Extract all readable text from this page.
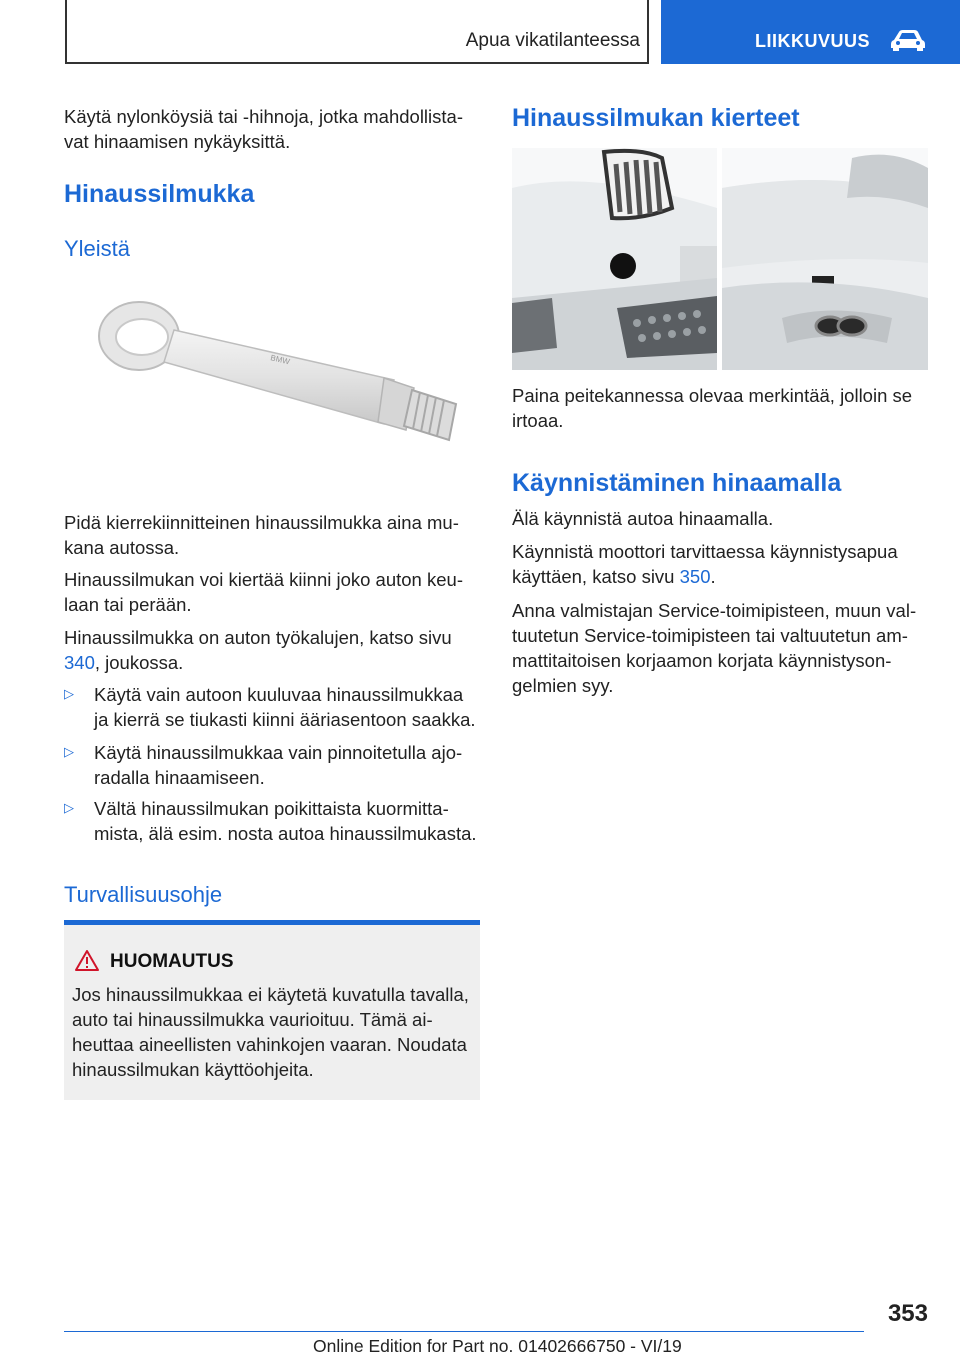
Apua vikatilanteessa	LIIKKUVUUS

Käytä nylonköysiä tai -hihnoja, jotka mahdollistavat hinaamisen nykäyksittä.

Hinaussilmukka
Yleistä
BMW

Pidä kierrekiinnitteinen hinaussilmukka aina mukana autossa.

Hinaussilmukan voi kiertää kiinni joko auton keulaan tai perään.

Hinaussilmukka on auton työkalujen, katso sivu 340, joukossa.

▷ Käytä vain autoon kuuluvaa hinaussilmukkaa ja kierrä se tiukasti kiinni ääriasentoon saakka.

▷ Käytä hinaussilmukkaa vain pinnoitetulla ajoradalla hinaamiseen.

▷ Vältä hinaussilmukan poikittaista kuormittamista, älä esim. nosta autoa hinaussilmukasta.

Turvallisuusohje
HUOMAUTUS

Jos hinaussilmukkaa ei käytetä kuvatulla tavalla, auto tai hinaussilmukka vaurioituu. Tämä aiheuttaa aineellisten vahinkojen vaaran. Noudata hinaussilmukan käyttöohjeita.

Hinaussilmukan kierteet

Paina peitekannessa olevaa merkintää, jolloin se irtoaa.

Käynnistäminen hinaamalla

Älä käynnistä autoa hinaamalla.

Käynnistä moottori tarvittaessa käynnistysapua käyttäen, katso sivu 350.

Anna valmistajan Service-toimipisteen, muun valtuutetun Service-toimipisteen tai valtuutetun ammattitaitoisen korjaamon korjata käynnistysongelmien syy.

353
Online Edition for Part no. 01402666750 - VI/19
